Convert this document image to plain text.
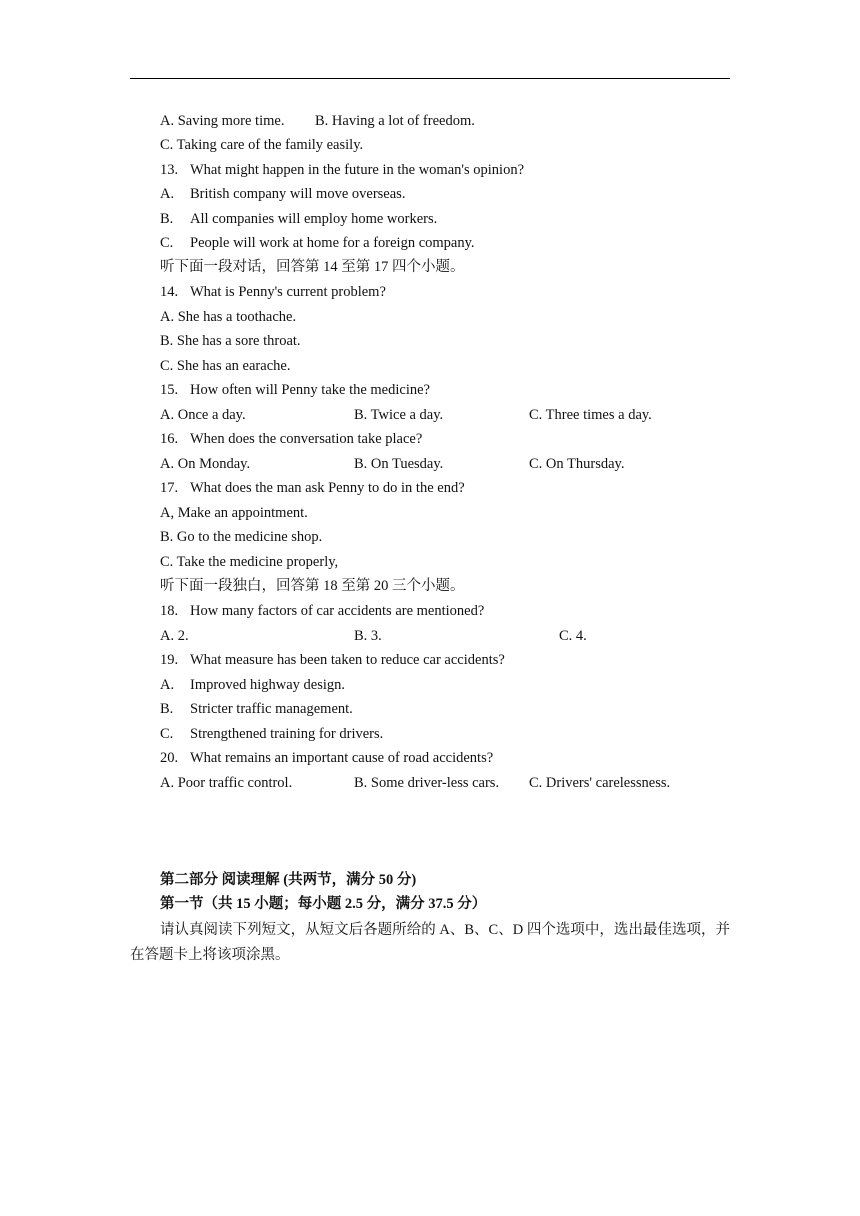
A. Saving more time. B. Having a lot of freedom.
C. Taking care of the family easily.
13. What might happen in the future in the woman's opinion?
A. British company will move overseas.
B. All companies will employ home workers.
C. People will work at home for a foreign company.
听下面一段对话，回答第 14 至第 17 四个小题。
14. What is Penny's current problem?
A. She has a toothache.
B. She has a sore throat.
C. She has an earache.
15. How often will Penny take the medicine?
A. Once a day.	B. Twice a day.	C. Three times a day.
16. When does the conversation take place?
A. On Monday.	B. On Tuesday.	C. On Thursday.
17. What does the man ask Penny to do in the end?
A, Make an appointment.
B. Go to the medicine shop.
C. Take the medicine properly,
听下面一段独白，回答第 18 至第 20 三个小题。
18. How many factors of car accidents are mentioned?
A. 2.	B. 3.	C. 4.
19. What measure has been taken to reduce car accidents?
A. Improved highway design.
B. Stricter traffic management.
C. Strengthened training for drivers.
20. What remains an important cause of road accidents?
A. Poor traffic control.	B. Some driver-less cars. C. Drivers' carelessness.
第二部分 阅读理解 (共两节，满分 50 分)
第一节（共 15 小题；每小题 2.5 分，满分 37.5 分）
请认真阅读下列短文，从短文后各题所给的 A、B、C、D 四个选项中，选出最佳选项，并在答题卡上将该项涂黑。
